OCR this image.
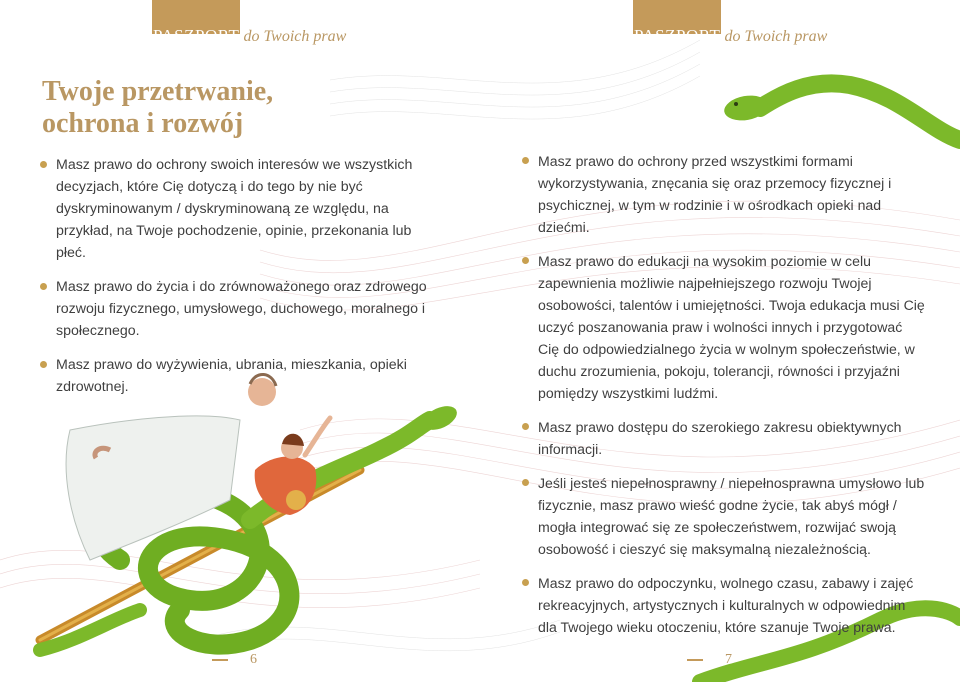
PASZPORT do Twoich praw
Twoje przetrwanie,
ochrona i rozwój
Masz prawo do ochrony swoich interesów we wszystkich decyzjach, które Cię dotyczą i do tego by nie być dyskryminowanym / dyskryminowaną ze względu, na przykład, na Twoje pochodzenie, opinie, przekonania lub płeć.
Masz prawo do życia i do zrównoważonego oraz zdrowego rozwoju fizycznego, umysłowego, duchowego, moralnego i społecznego.
Masz prawo do wyżywienia, ubrania, mieszkania, opieki zdrowotnej.
6
PASZPORT do Twoich praw
Masz prawo do ochrony przed wszystkimi formami wykorzystywania, znęcania się oraz przemocy fizycznej i psychicznej, w tym w rodzinie i w ośrodkach opieki nad dziećmi.
Masz prawo do edukacji na wysokim poziomie w celu zapewnienia możliwie najpełniejszego rozwoju Twojej osobowości, talentów i umiejętności. Twoja edukacja musi Cię uczyć poszanowania praw i wolności innych i przygotować Cię do odpowiedzialnego życia w wolnym społeczeństwie, w duchu zrozumienia, pokoju, tolerancji, równości i przyjaźni pomiędzy wszystkimi ludźmi.
Masz prawo dostępu do szerokiego zakresu obiektywnych informacji.
Jeśli jesteś niepełnosprawny / niepełnosprawna umysłowo lub fizycznie, masz prawo wieść godne życie, tak abyś mógł / mogła integrować się ze społeczeństwem, rozwijać swoją osobowość i cieszyć się maksymalną niezależnością.
Masz prawo do odpoczynku, wolnego czasu, zabawy i zajęć rekreacyjnych, artystycznych i kulturalnych w odpowiednim dla Twojego wieku otoczeniu, które szanuje Twoje prawa.
7
